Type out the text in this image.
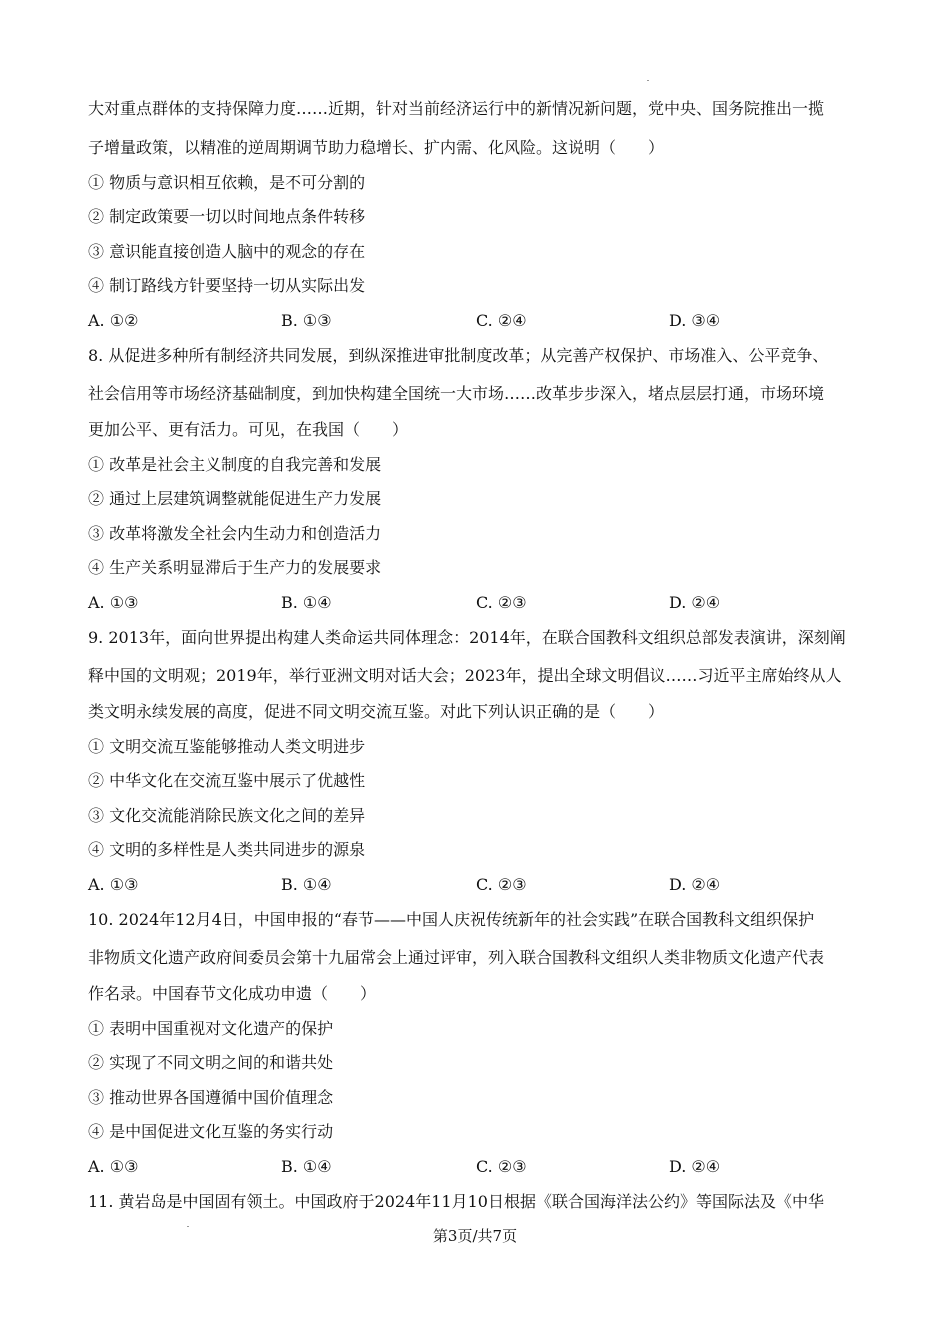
大对重点群体的支持保障力度……近期，针对当前经济运行中的新情况新问题，党中央、国务院推出一揽
子增量政策，以精准的逆周期调节助力稳增长、扩内需、化风险。这说明（　　）
① 物质与意识相互依赖，是不可分割的
② 制定政策要一切以时间地点条件转移
③ 意识能直接创造人脑中的观念的存在
④ 制订路线方针要坚持一切从实际出发
A. ①②	B. ①③	C. ②④	D. ③④
8. 从促进多种所有制经济共同发展，到纵深推进审批制度改革；从完善产权保护、市场准入、公平竞争、
社会信用等市场经济基础制度，到加快构建全国统一大市场……改革步步深入，堵点层层打通，市场环境
更加公平、更有活力。可见，在我国（　　）
① 改革是社会主义制度的自我完善和发展
② 通过上层建筑调整就能促进生产力发展
③ 改革将激发全社会内生动力和创造活力
④ 生产关系明显滞后于生产力的发展要求
A. ①③	B. ①④	C. ②③	D. ②④
9. 2013年，面向世界提出构建人类命运共同体理念：2014年，在联合国教科文组织总部发表演讲，深刻阐
释中国的文明观；2019年，举行亚洲文明对话大会；2023年，提出全球文明倡议……习近平主席始终从人
类文明永续发展的高度，促进不同文明交流互鉴。对此下列认识正确的是（　　）
① 文明交流互鉴能够推动人类文明进步
② 中华文化在交流互鉴中展示了优越性
③ 文化交流能消除民族文化之间的差异
④ 文明的多样性是人类共同进步的源泉
A. ①③	B. ①④	C. ②③	D. ②④
10. 2024年12月4日，中国申报的“春节——中国人庆祝传统新年的社会实践”在联合国教科文组织保护
非物质文化遗产政府间委员会第十九届常会上通过评审，列入联合国教科文组织人类非物质文化遗产代表
作名录。中国春节文化成功申遗（　　）
① 表明中国重视对文化遗产的保护
② 实现了不同文明之间的和谐共处
③ 推动世界各国遵循中国价值理念
④ 是中国促进文化互鉴的务实行动
A. ①③	B. ①④	C. ②③	D. ②④
11. 黄岩岛是中国固有领土。中国政府于2024年11月10日根据《联合国海洋法公约》等国际法及《中华
第3页/共7页
